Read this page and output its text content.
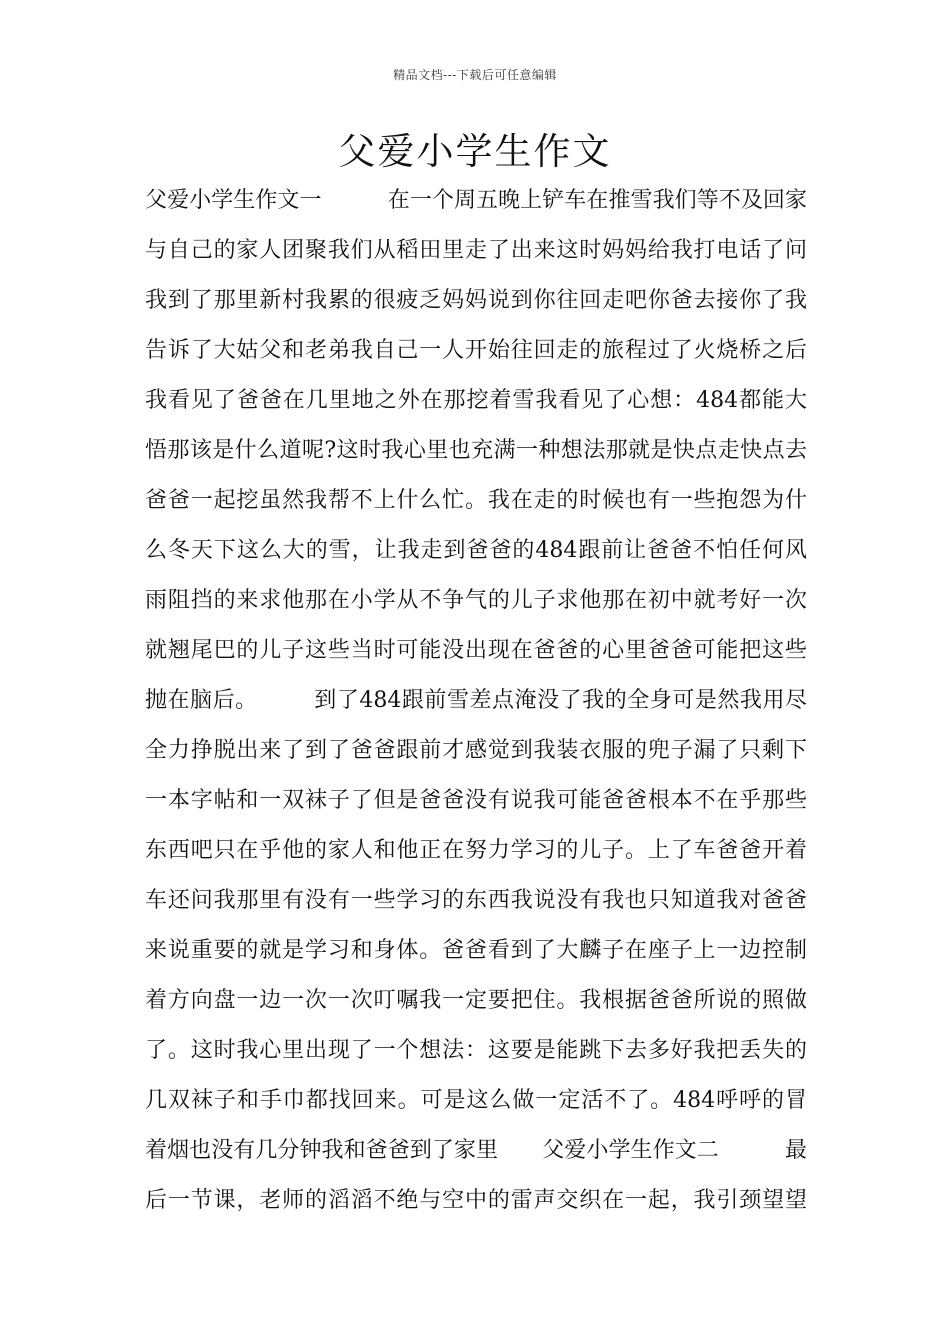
精品文档---下载后可任意编辑
父爱小学生作文
父爱小学生作文一　　　在一个周五晚上铲车在推雪我们等不及回家
与自己的家人团聚我们从稻田里走了出来这时妈妈给我打电话了问
我到了那里新村我累的很疲乏妈妈说到你往回走吧你爸去接你了我
告诉了大姑父和老弟我自己一人开始往回走的旅程过了火烧桥之后
我看见了爸爸在几里地之外在那挖着雪我看见了心想：484都能大
悟那该是什么道呢?这时我心里也充满一种想法那就是快点走快点去
爸爸一起挖虽然我帮不上什么忙。我在走的时候也有一些抱怨为什
么冬天下这么大的雪，让我走到爸爸的484跟前让爸爸不怕任何风
雨阻挡的来求他那在小学从不争气的儿子求他那在初中就考好一次
就翘尾巴的儿子这些当时可能没出现在爸爸的心里爸爸可能把这些
抛在脑后。　　　到了484跟前雪差点淹没了我的全身可是然我用尽
全力挣脱出来了到了爸爸跟前才感觉到我装衣服的兜子漏了只剩下
一本字帖和一双袜子了但是爸爸没有说我可能爸爸根本不在乎那些
东西吧只在乎他的家人和他正在努力学习的儿子。上了车爸爸开着
车还问我那里有没有一些学习的东西我说没有我也只知道我对爸爸
来说重要的就是学习和身体。爸爸看到了大麟子在座子上一边控制
着方向盘一边一次一次叮嘱我一定要把住。我根据爸爸所说的照做
了。这时我心里出现了一个想法：这要是能跳下去多好我把丢失的
几双袜子和手巾都找回来。可是这么做一定活不了。484呼呼的冒
着烟也没有几分钟我和爸爸到了家里　　父爱小学生作文二　　　最
后一节课，老师的滔滔不绝与空中的雷声交织在一起，我引颈望望
